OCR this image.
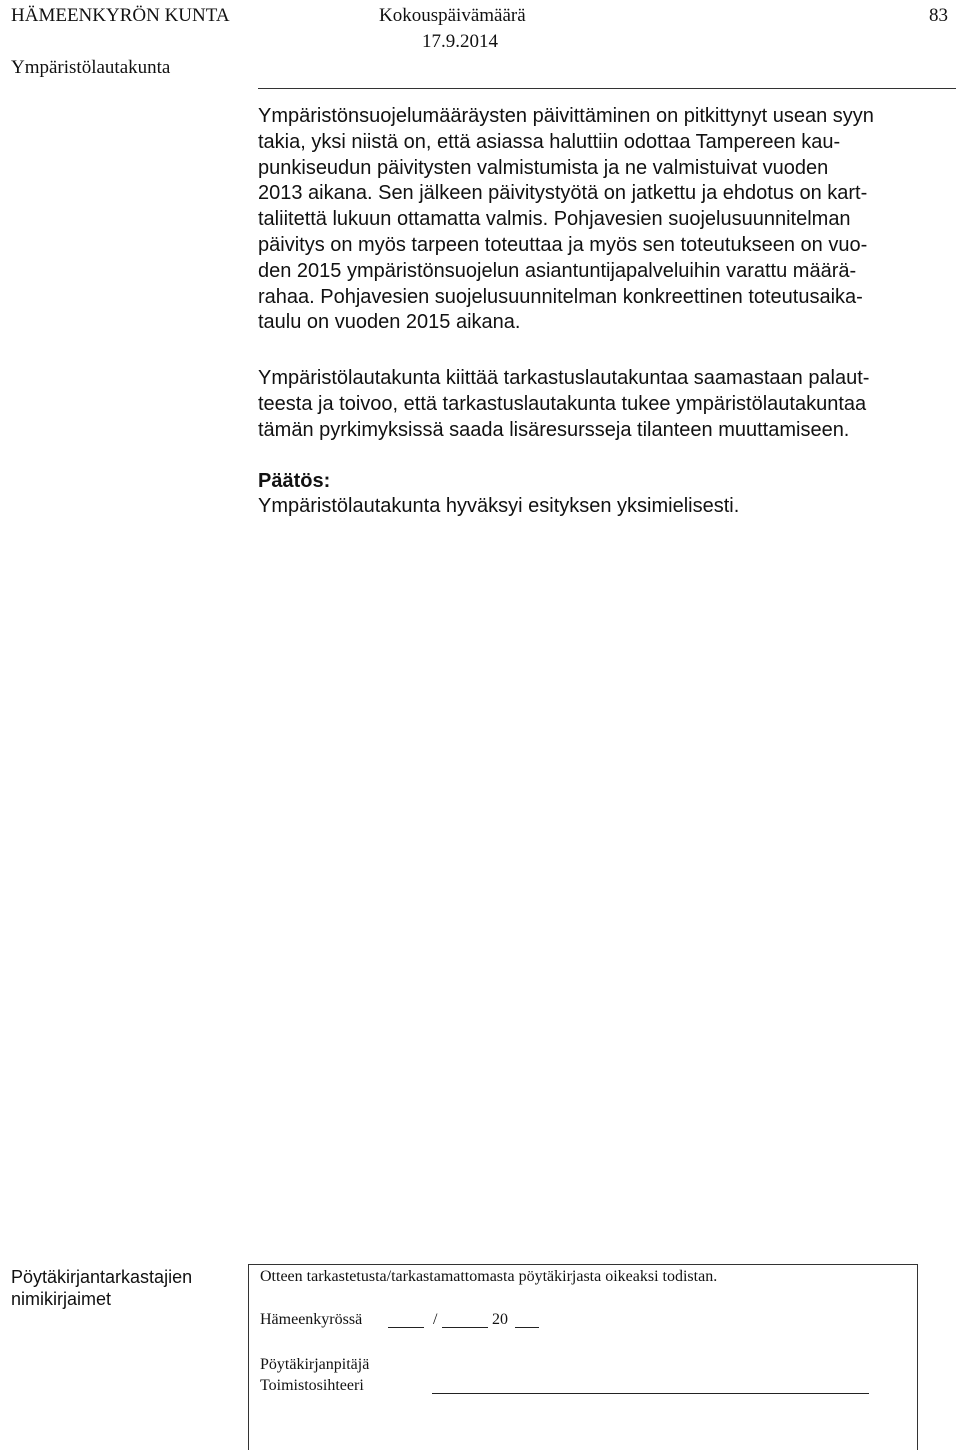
HÄMEENKYRÖN KUNTA	Kokouspäivämäärä
17.9.2014
83
Ympäristölautakunta
Ympäristönsuojelumääräysten päivittäminen on pitkittynyt usean syyn
takia, yksi niistä on, että asiassa haluttiin odottaa Tampereen kau-
punkiseudun päivitysten valmistumista ja ne valmistuivat vuoden
2013 aikana. Sen jälkeen päivitystyötä on jatkettu ja ehdotus on kart-
taliitettä lukuun ottamatta valmis. Pohjavesien suojelusuunnitelman
päivitys on myös tarpeen toteuttaa ja myös sen toteutukseen on vuo-
den 2015 ympäristönsuojelun asiantuntijapalveluihin varattu määrä-
rahaa. Pohjavesien suojelusuunnitelman konkreettinen toteutusaika-
taulu on vuoden 2015 aikana.
Ympäristölautakunta kiittää tarkastuslautakuntaa saamastaan palaut-
teesta ja toivoo, että tarkastuslautakunta tukee ympäristölautakuntaa
tämän pyrkimyksissä saada lisäresursseja tilanteen muuttamiseen.
Päätös:
Ympäristölautakunta hyväksyi esityksen yksimielisesti.
Pöytäkirjantarkastajien
nimikirjaimet
Otteen tarkastetusta/tarkastamattomasta pöytäkirjasta oikeaksi todistan.
Hämeenkyrössä	/	20
Pöytäkirjanpitäjä
Toimistosihteeri
